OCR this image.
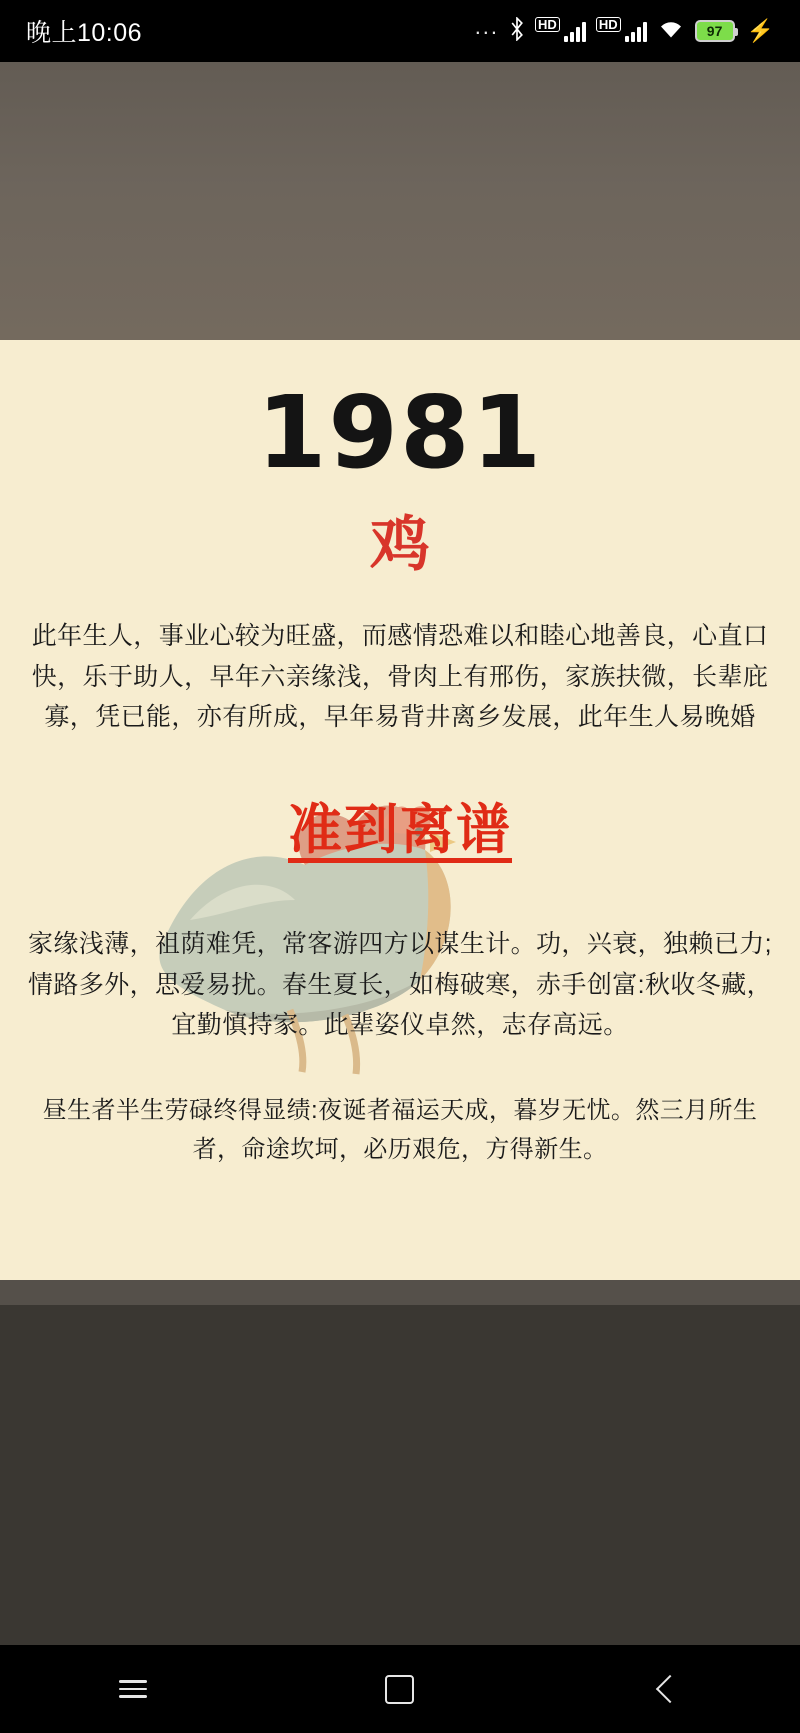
晚上10:06	...	HD	HD	97 ⚡
1981
鸡
此年生人，事业心较为旺盛，而感情恐难以和睦心地善良，心直口快，乐于助人，早年六亲缘浅，骨肉上有邢伤，家族扶微，长辈庇寡，凭已能，亦有所成，早年易背井离乡发展，此年生人易晚婚
准到离谱
家缘浅薄，祖荫难凭，常客游四方以谋生计。功，兴衰，独赖已力;情路多外，思爱易扰。春生夏长，如梅破寒，赤手创富:秋收冬藏，宜勤慎持家。此辈姿仪卓然，志存高远。
昼生者半生劳碌终得显绩:夜诞者福运天成，暮岁无忧。然三月所生者，命途坎坷，必历艰危，方得新生。
